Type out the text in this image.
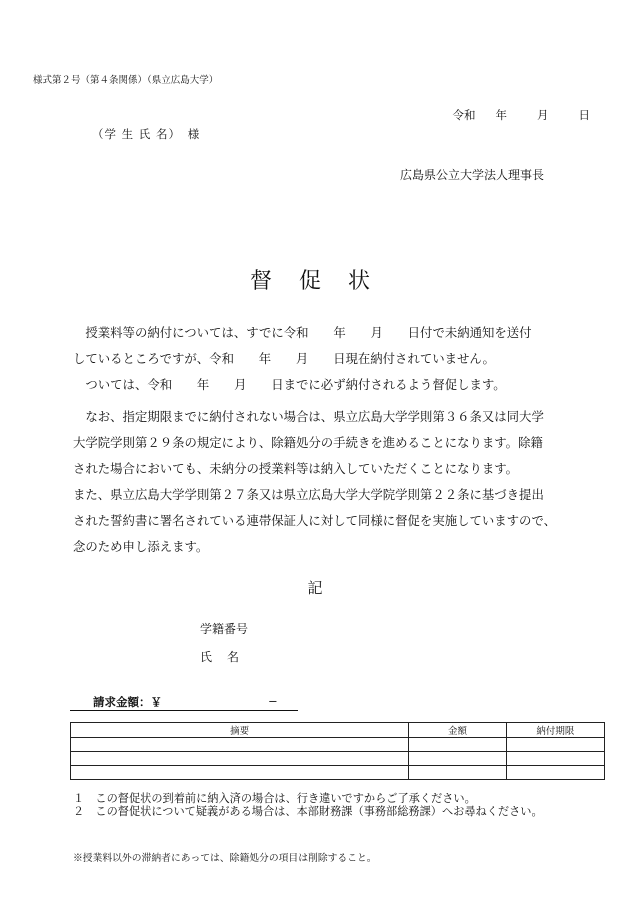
様式第２号（第４条関係）（県立広島大学）
令和 年	月	日
（学 生 氏 名）　様
広島県公立大学法人理事長
督 促 状

　授業料等の納付については、すでに令和　　年　　月　　日付で未納通知を送付

しているところですが、令和　　年　　月　　日現在納付されていません。

　ついては、令和　　年　　月　　日までに必ず納付されるよう督促します。

　なお、指定期限までに納付されない場合は、県立広島大学学則第３６条又は同大学

大学院学則第２９条の規定により、除籍処分の手続きを進めることになります。除籍

された場合においても、未納分の授業料等は納入していただくことになります。

また、県立広島大学学則第２７条又は県立広島大学大学院学則第２２条に基づき提出

された誓約書に署名されている連帯保証人に対して同様に督促を実施していますので、

念のため申し添えます。

記
学籍番号
氏名
請求金額：￥	−
摘要	金額	納付期限

１　この督促状の到着前に納入済の場合は、行き違いですからご了承ください。

２　この督促状について疑義がある場合は、本部財務課（事務部総務課）へお尋ねください。

※授業料以外の滞納者にあっては、除籍処分の項目は削除すること。
